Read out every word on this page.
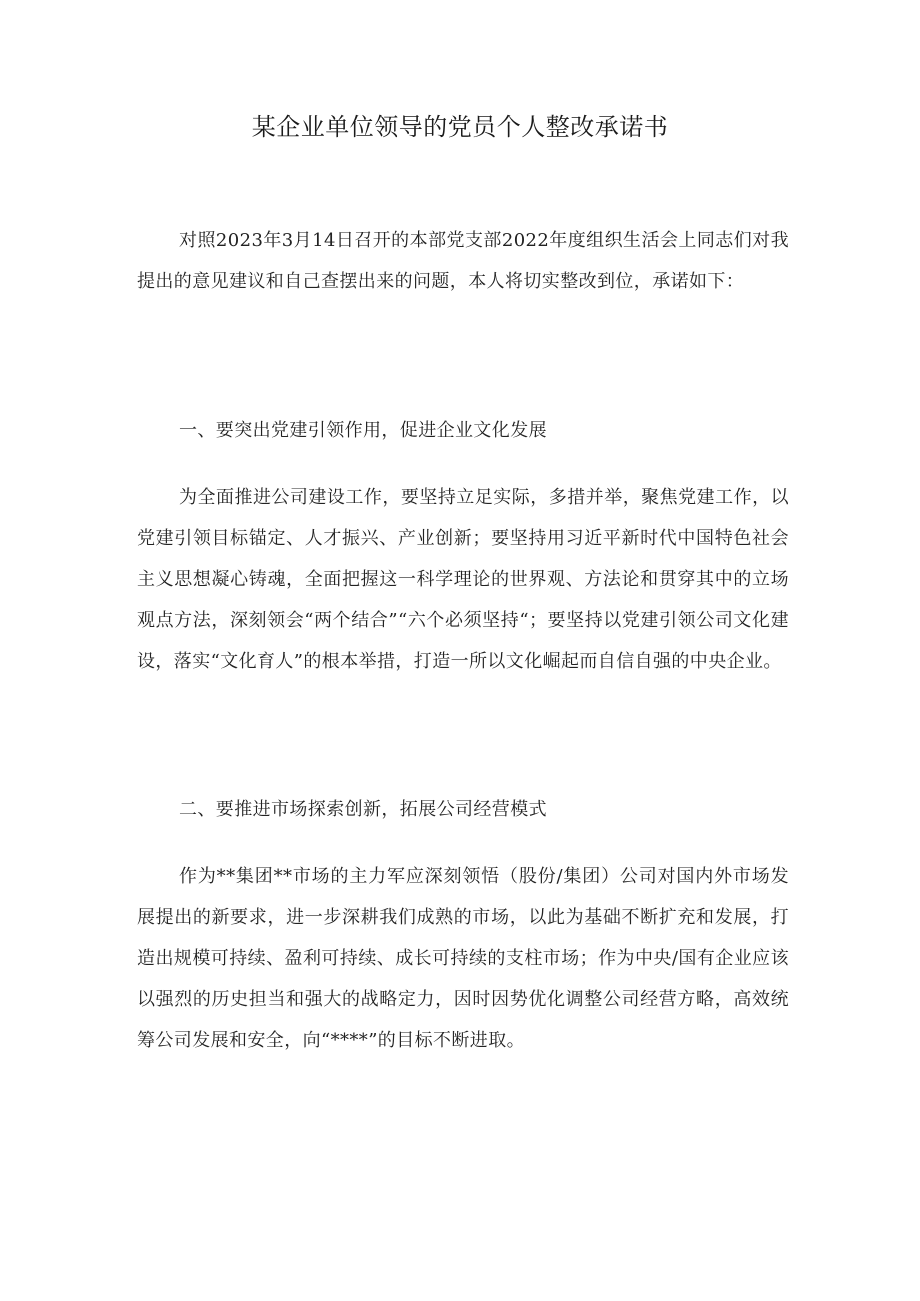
某企业单位领导的党员个人整改承诺书

对照2023年3月14日召开的本部党支部2022年度组织生活会上同志们对我提出的意见建议和自己查摆出来的问题，本人将切实整改到位，承诺如下：

一、要突出党建引领作用，促进企业文化发展

为全面推进公司建设工作，要坚持立足实际，多措并举，聚焦党建工作，以党建引领目标锚定、人才振兴、产业创新；要坚持用习近平新时代中国特色社会主义思想凝心铸魂，全面把握这一科学理论的世界观、方法论和贯穿其中的立场观点方法，深刻领会“两个结合”“六个必须坚持“；要坚持以党建引领公司文化建设，落实“文化育人”的根本举措，打造一所以文化崛起而自信自强的中央企业。

二、要推进市场探索创新，拓展公司经营模式

作为**集团**市场的主力军应深刻领悟（股份/集团）公司对国内外市场发展提出的新要求，进一步深耕我们成熟的市场，以此为基础不断扩充和发展，打造出规模可持续、盈利可持续、成长可持续的支柱市场；作为中央/国有企业应该以强烈的历史担当和强大的战略定力，因时因势优化调整公司经营方略，高效统筹公司发展和安全，向“****”的目标不断进取。
